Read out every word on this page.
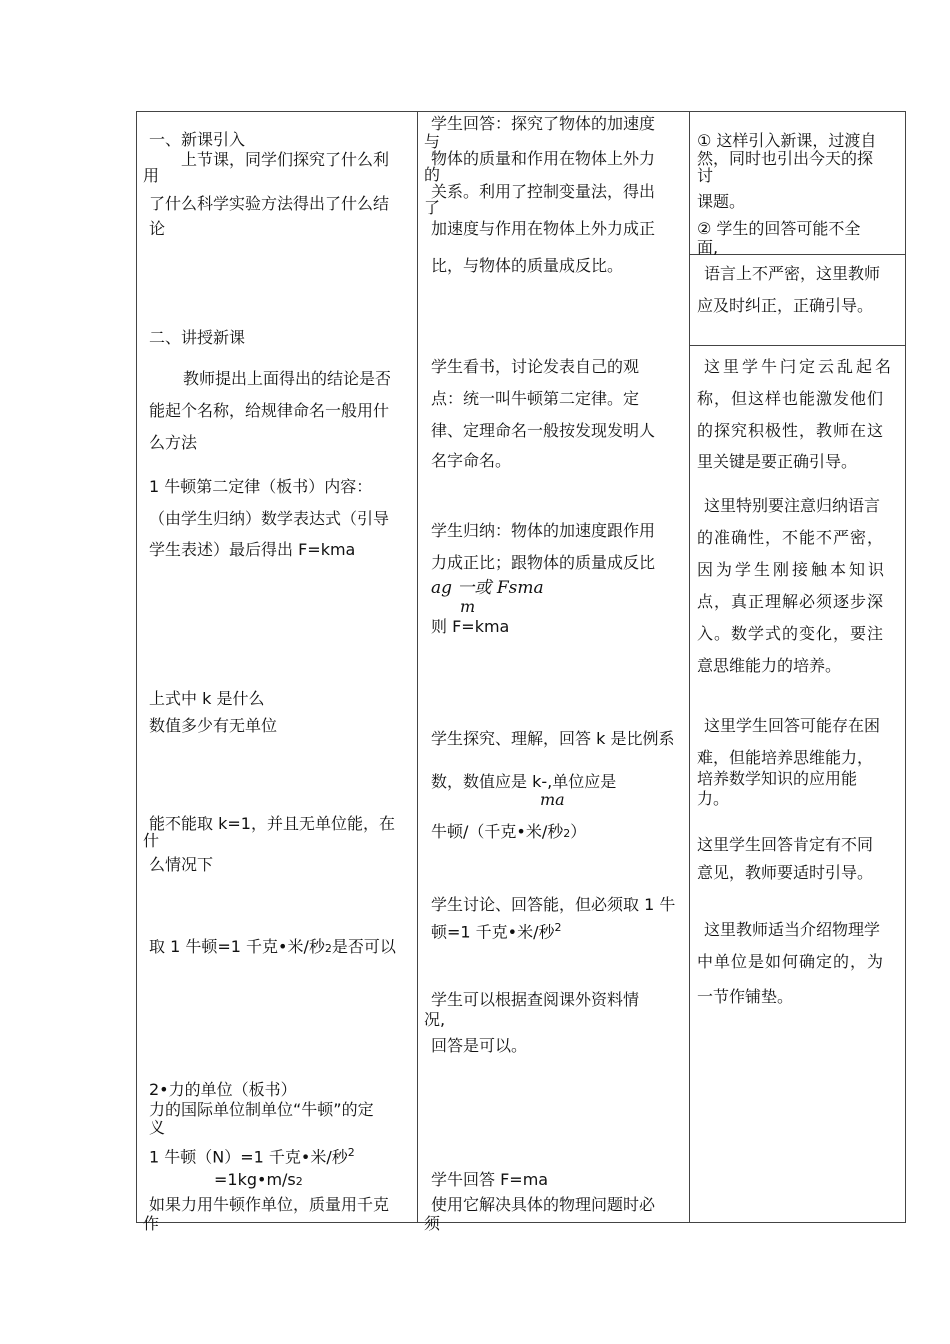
一、新课引入
上节课，同学们探究了什么利
用
了什么科学实验方法得出了什么结
论
二、讲授新课
教师提出上面得出的结论是否
能起个名称，给规律命名一般用什
么方法
1 牛顿第二定律（板书）内容：
（由学生归纳）数学表达式（引导
学生表述）最后得出 F=kma
上式中 k 是什么
数值多少有无单位
能不能取 k=1，并且无单位能，在
什
么情况下
取 1 牛顿=1 千克•米/秒2是否可以
2•力的单位（板书）
力的国际单位制单位“牛顿”的定
义
1 牛顿（N）=1 千克•米/秒$^2$
=1kg•m/s2
如果力用牛顿作单位，质量用千克
作
学生回答：探究了物体的加速度
与
物体的质量和作用在物体上外力
的
关系。利用了控制变量法，得出
了
加速度与作用在物体上外力成正
比，与物体的质量成反比。
学生看书，讨论发表自己的观
点：统一叫牛顿第二定律。定
律、定理命名一般按发现发明人
名字命名。
学生归纳：物体的加速度跟作用
力成正比；跟物体的质量成反比
ag 一或 Fsma
m
则 F=kma
学生探究、理解，回答 k 是比例系
数，数值应是 k-,单位应是
ma
牛顿/（千克•米/秒2）
学生讨论、回答能，但必须取 1 牛
顿=1 千克•米/秒$^2$
学生可以根据查阅课外资料情
况,
回答是可以。
学牛回答 F=ma
使用它解决具体的物理问题时必
须
① 这样引入新课，过渡自
然，同时也引出今天的探
讨
课题。
② 学生的回答可能不全
面,
语言上不严密，这里教师
应及时纠正，正确引导。
这里学牛闩定云乱起名
称，但这样也能激发他们
的探究积极性，教师在这
里关键是要正确引导。
这里特别要注意归纳语言
的准确性，不能不严密，
因为学生刚接触本知识
点，真正理解必须逐步深
入。数学式的变化，要注
意思维能力的培养。
这里学生回答可能存在困
难，但能培养思维能力，
培养数学知识的应用能
力。
这里学生回答肯定有不同
意见，教师要适时引导。
这里教师适当介绍物理学
中单位是如何确定的，为
一节作铺垫。
